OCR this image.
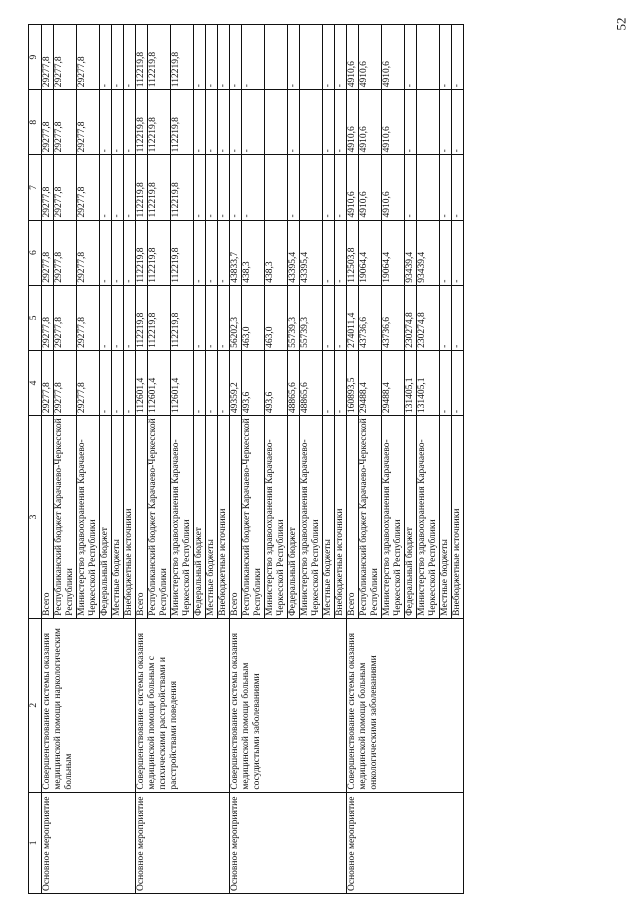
52
1	2	3	4	5	6	7	8	9
Основное мероприятие	Совершенствование системы оказания медицинской помощи наркологическим больным	Всего	29277,8	29277,8	29277,8	29277,8	29277,8	29277,8
		Республиканский бюджет Карачаево-Черкесской Республики	29277,8	29277,8	29277,8	29277,8	29277,8	29277,8
		Министерство здравоохранения Карачаево-Черкесской Республики	29277,8	29277,8	29277,8	29277,8	29277,8	29277,8
		Федеральный бюджет	-	-	-	-	-	-
		Местные бюджеты	-	-	-	-	-	-
		Внебюджетные источники	-	-	-	-	-	-
Основное мероприятие	Совершенствование системы оказания медицинской помощи больным с психическими расстройствами и расстройствами поведения	Всего	112601,4	112219,8	112219,8	112219,8	112219,8	112219,8
		Республиканский бюджет Карачаево-Черкесской Республики	112601,4	112219,8	112219,8	112219,8	112219,8	112219,8
		Министерство здравоохранения Карачаево-Черкесской Республики	112601,4	112219,8	112219,8	112219,8	112219,8	112219,8
		Федеральный бюджет	-	-	-	-	-	-
		Местные бюджеты	-	-	-	-	-	-
		Внебюджетные источники	-	-	-	-	-	-
Основное мероприятие	Совершенствование системы оказания медицинской помощи больным сосудистыми заболеваниями	Всего	49359,2	56202,3	43833,7	-	-	-
		Республиканский бюджет Карачаево-Черкесской Республики	493,6	463,0	438,3	-	-	-
		Министерство здравоохранения Карачаево-Черкесской Республики	493,6	463,0	438,3			
		Федеральный бюджет	48865,6	55739,3	43395,4	-	-	-
		Министерство здравоохранения Карачаево-Черкесской Республики	48865,6	55739,3	43395,4			
		Местные бюджеты	-	-	-	-	-	-
		Внебюджетные источники	-	-	-	-	-	-
Основное мероприятие	Совершенствование системы оказания медицинской помощи больным онкологическими заболеваниями	Всего	160893,5	274011,4	112503,8	4910,6	4910,6	4910,6
		Республиканский бюджет Карачаево-Черкесской Республики	29488,4	43736,6	19064,4	4910,6	4910,6	4910,6
		Министерство здравоохранения Карачаево-Черкесской Республики	29488,4	43736,6	19064,4	4910,6	4910,6	4910,6
		Федеральный бюджет	131405,1	230274,8	93439,4	-	-	-
		Министерство здравоохранения Карачаево-Черкесской Республики	131405,1	230274,8	93439,4			
		Местные бюджеты	-	-	-	-	-	-
		Внебюджетные источники	-	-	-	-	-	-
